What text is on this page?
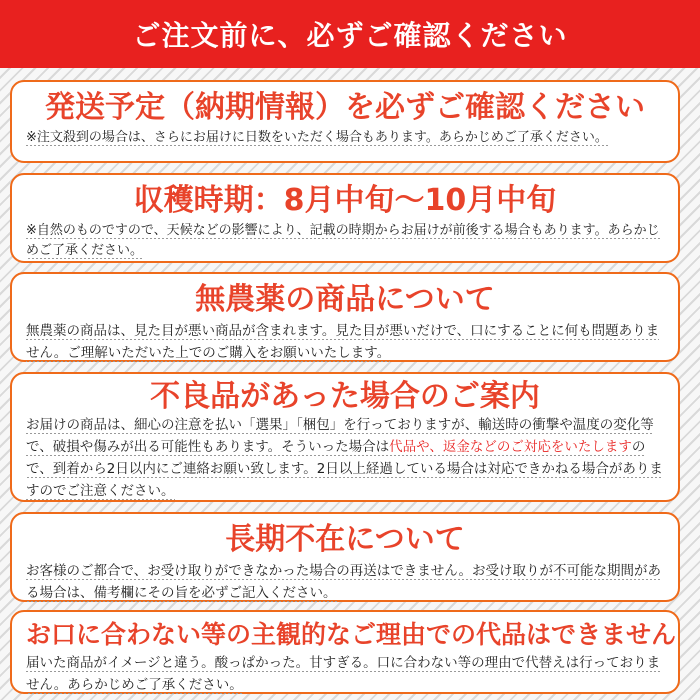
ご注文前に、必ずご確認ください
発送予定（納期情報）を必ずご確認ください

※注文殺到の場合は、さらにお届けに日数をいただく場合もあります。あらかじめご了承ください。

収穫時期：8月中旬〜10月中旬

※自然のものですので、天候などの影響により、記載の時期からお届けが前後する場合もあります。あらかじめご了承ください。

無農薬の商品について

無農薬の商品は、見た目が悪い商品が含まれます。見た目が悪いだけで、口にすることに何も問題ありません。ご理解いただいた上でのご購入をお願いいたします。

不良品があった場合のご案内

お届けの商品は、細心の注意を払い「選果」「梱包」を行っておりますが、輸送時の衝撃や温度の変化等で、破損や傷みが出る可能性もあります。そういった場合は代品や、返金などのご対応をいたしますので、到着から2日以内にご連絡お願い致します。2日以上経過している場合は対応できかねる場合がありますのでご注意ください。

長期不在について

お客様のご都合で、お受け取りができなかった場合の再送はできません。お受け取りが不可能な期間がある場合は、備考欄にその旨を必ずご記入ください。

お口に合わない等の主観的なご理由での代品はできません

届いた商品がイメージと違う。酸っぱかった。甘すぎる。口に合わない等の理由で代替えは行っておりません。あらかじめご了承ください。
